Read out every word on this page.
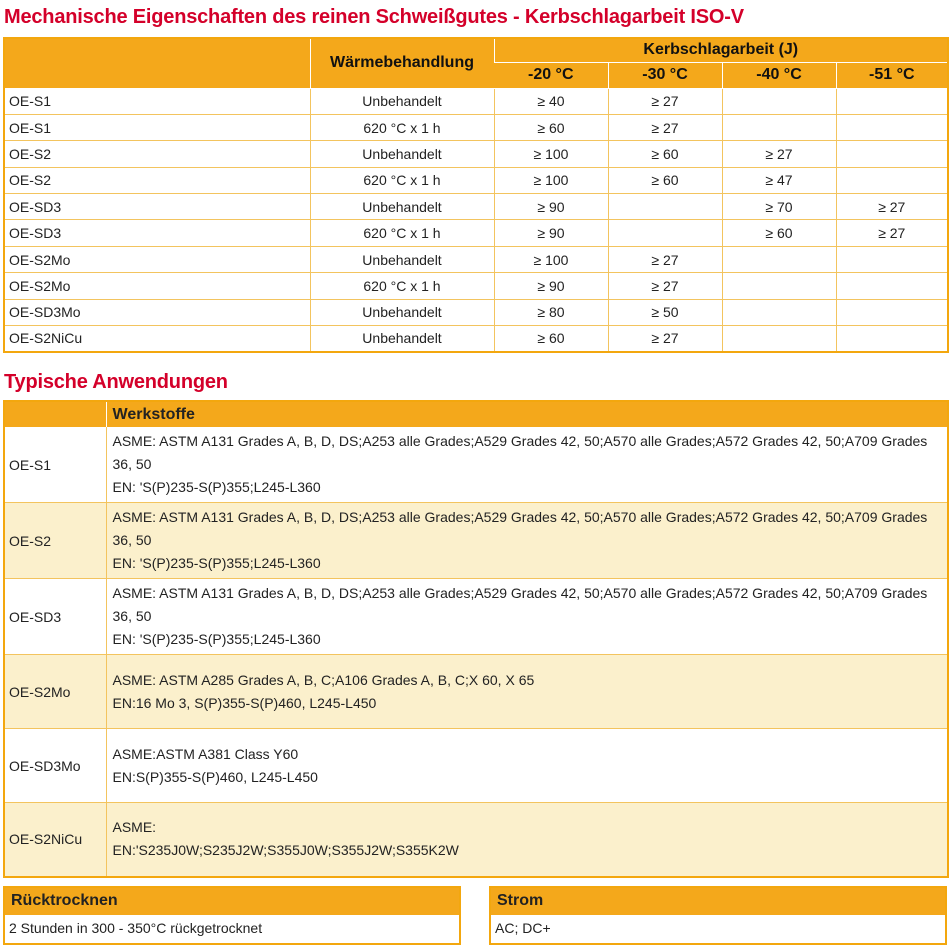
Mechanische Eigenschaften des reinen Schweißgutes - Kerbschlagarbeit ISO-V
	Wärmebehandlung	Kerbschlagarbeit (J)			
		-20 °C	-30 °C	-40 °C	-51 °C
OE-S1	Unbehandelt	≥ 40	≥ 27		
OE-S1	620 °C x 1 h	≥ 60	≥ 27		
OE-S2	Unbehandelt	≥ 100	≥ 60	≥ 27	
OE-S2	620 °C x 1 h	≥ 100	≥ 60	≥ 47	
OE-SD3	Unbehandelt	≥ 90		≥ 70	≥ 27
OE-SD3	620 °C x 1 h	≥ 90		≥ 60	≥ 27
OE-S2Mo	Unbehandelt	≥ 100	≥ 27		
OE-S2Mo	620 °C x 1 h	≥ 90	≥ 27		
OE-SD3Mo	Unbehandelt	≥ 80	≥ 50		
OE-S2NiCu	Unbehandelt	≥ 60	≥ 27		
Typische Anwendungen
	Werkstoffe
OE-S1	ASME: ASTM A131 Grades A, B, D, DS;A253 alle Grades;A529 Grades 42, 50;A570 alle Grades;A572 Grades 42, 50;A709 Grades 36, 50
EN: 'S(P)235-S(P)355;L245-L360

OE-S2	ASME: ASTM A131 Grades A, B, D, DS;A253 alle Grades;A529 Grades 42, 50;A570 alle Grades;A572 Grades 42, 50;A709 Grades 36, 50
EN: 'S(P)235-S(P)355;L245-L360

OE-SD3	ASME: ASTM A131 Grades A, B, D, DS;A253 alle Grades;A529 Grades 42, 50;A570 alle Grades;A572 Grades 42, 50;A709 Grades 36, 50
EN: 'S(P)235-S(P)355;L245-L360

OE-S2Mo	ASME: ASTM A285 Grades A, B, C;A106 Grades A, B, C;X 60, X 65
EN:16 Mo 3, S(P)355-S(P)460, L245-L450

OE-SD3Mo	ASME:ASTM A381 Class Y60
EN:S(P)355-S(P)460, L245-L450

OE-S2NiCu	ASME:
EN:'S235J0W;S235J2W;S355J0W;S355J2W;S355K2W
Rücktrocknen
2 Stunden in 300 - 350°C rückgetrocknet
Strom
AC; DC+
